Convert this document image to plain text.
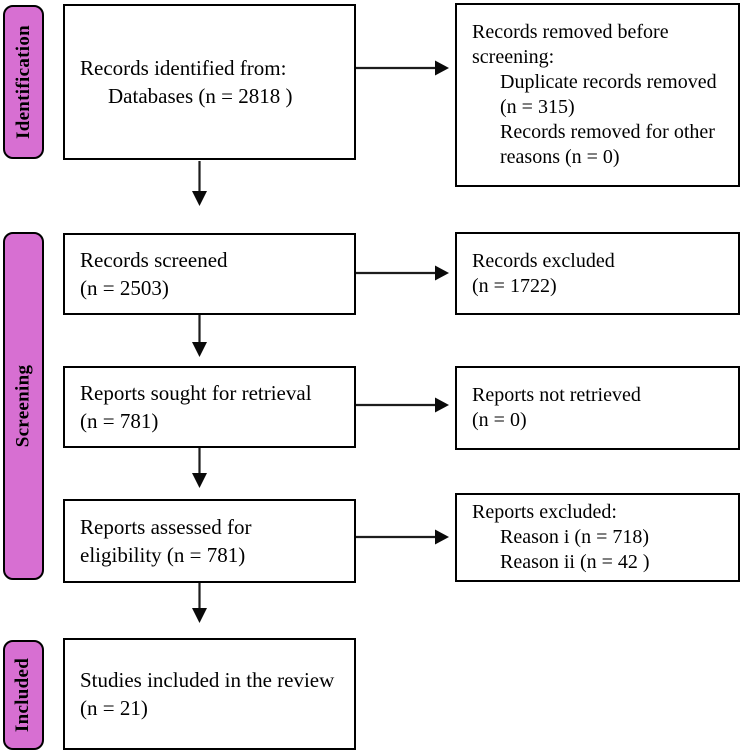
Identification
Screening
Included
Records identified from:
Databases (n = 2818 )
Records screened
(n = 2503)
Reports sought for retrieval
(n = 781)
Reports assessed for
eligibility (n = 781)
Studies included in the review
(n = 21)
Records removed before
screening:
Duplicate records removed
(n = 315)
Records removed for other
reasons (n = 0)
Records excluded
(n = 1722)
Reports not retrieved
(n = 0)
Reports excluded:
Reason i (n = 718)
Reason ii (n = 42 )
